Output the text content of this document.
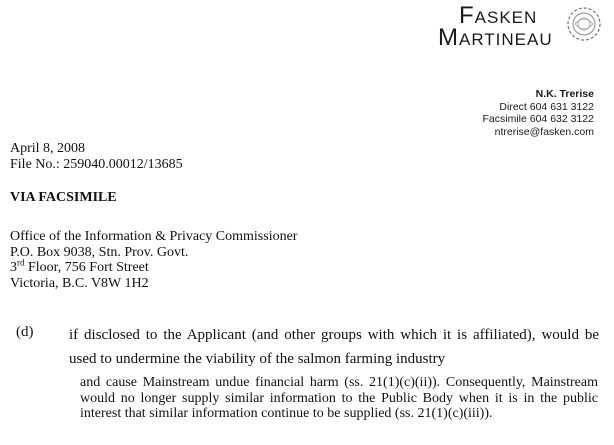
Fasken
Martineau
N.K. Trerise
Direct 604 631 3122
Facsimile 604 632 3122
ntrerise@fasken.com
April 8, 2008
File No.: 259040.00012/13685
VIA FACSIMILE
Office of the Information & Privacy Commissioner
P.O. Box 9038, Stn. Prov. Govt.
3rd Floor, 756 Fort Street
Victoria, B.C. V8W 1H2
(d) if disclosed to the Applicant (and other groups with which it is affiliated), would be used to undermine the viability of the salmon farming industry
and cause Mainstream undue financial harm (ss. 21(1)(c)(ii)). Consequently, Mainstream would no longer supply similar information to the Public Body when it is in the public interest that similar information continue to be supplied (ss. 21(1)(c)(iii)).
